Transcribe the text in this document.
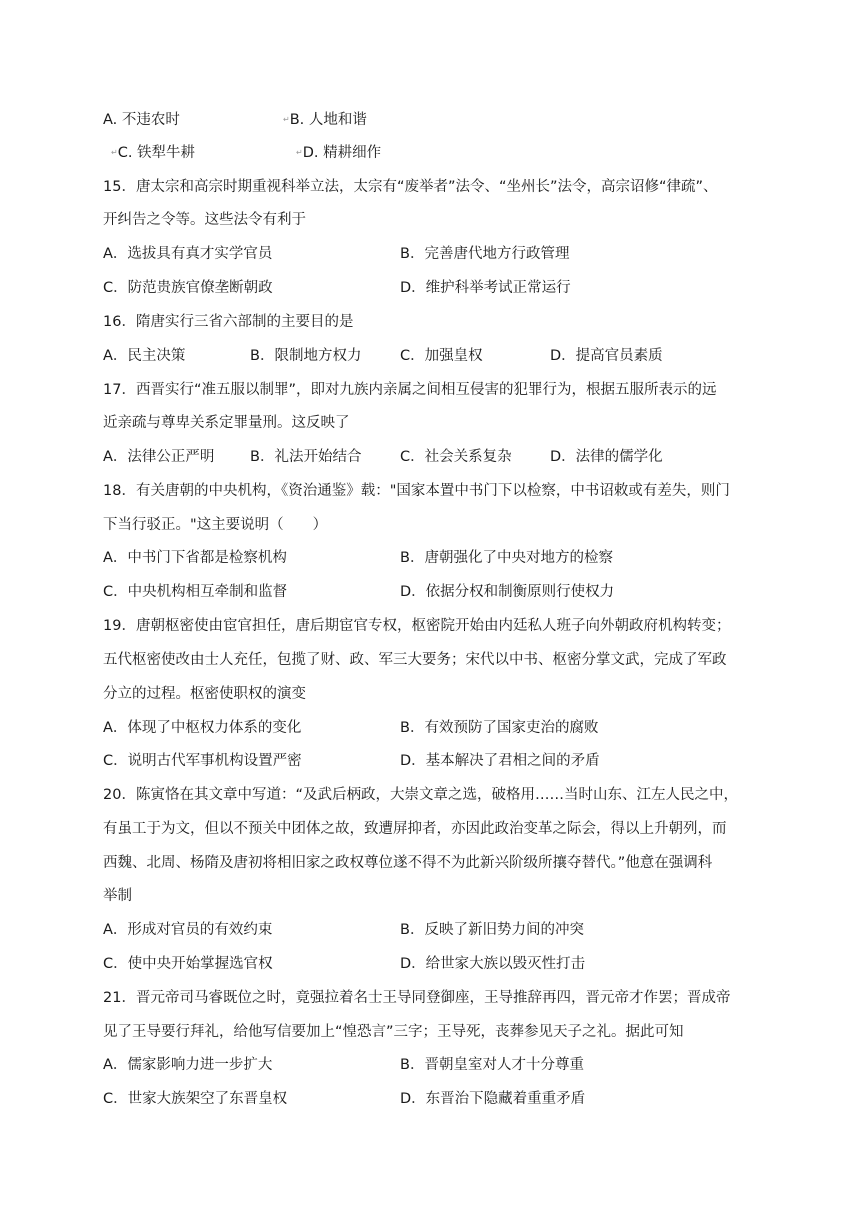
A. 不违农时	↵B. 人地和谐
↵C. 铁犁牛耕	↵D. 精耕细作
15．唐太宗和高宗时期重视科举立法，太宗有“废举者”法令、“坐州长”法令，高宗诏修“律疏”、
开纠告之令等。这些法令有利于
A．选拔具有真才实学官员	B．完善唐代地方行政管理
C．防范贵族官僚垄断朝政	D．维护科举考试正常运行
16．隋唐实行三省六部制的主要目的是
A．民主决策	B．限制地方权力	C．加强皇权	D．提高官员素质
17．西晋实行“准五服以制罪”，即对九族内亲属之间相互侵害的犯罪行为，根据五服所表示的远
近亲疏与尊卑关系定罪量刑。这反映了
A．法律公正严明 B．礼法开始结合	C．社会关系复杂	D．法律的儒学化
18．有关唐朝的中央机构，《资治通鉴》载："国家本置中书门下以检察，中书诏敕或有差失，则门
下当行驳正。"这主要说明（　　）
A．中书门下省都是检察机构	B．唐朝强化了中央对地方的检察
C．中央机构相互牵制和监督	D．依据分权和制衡原则行使权力
19．唐朝枢密使由宦官担任，唐后期宦官专权，枢密院开始由内廷私人班子向外朝政府机构转变；
五代枢密使改由士人充任，包揽了财、政、军三大要务；宋代以中书、枢密分掌文武，完成了军政
分立的过程。枢密使职权的演变
A．体现了中枢权力体系的变化	B．有效预防了国家吏治的腐败
C．说明古代军事机构设置严密	D．基本解决了君相之间的矛盾
20．陈寅恪在其文章中写道：“及武后柄政，大崇文章之选，破格用……当时山东、江左人民之中，
有虽工于为文，但以不预关中团体之故，致遭屏抑者，亦因此政治变革之际会，得以上升朝列，而
西魏、北周、杨隋及唐初将相旧家之政权尊位遂不得不为此新兴阶级所攘夺替代。”他意在强调科
举制
A．形成对官员的有效约束	B．反映了新旧势力间的冲突
C．使中央开始掌握选官权	D．给世家大族以毁灭性打击
21．晋元帝司马睿既位之时，竟强拉着名士王导同登御座，王导推辞再四，晋元帝才作罢；晋成帝
见了王导要行拜礼，给他写信要加上“惶恐言”三字；王导死，丧葬参见天子之礼。据此可知
A．儒家影响力进一步扩大	B．晋朝皇室对人才十分尊重
C．世家大族架空了东晋皇权	D．东晋治下隐藏着重重矛盾
